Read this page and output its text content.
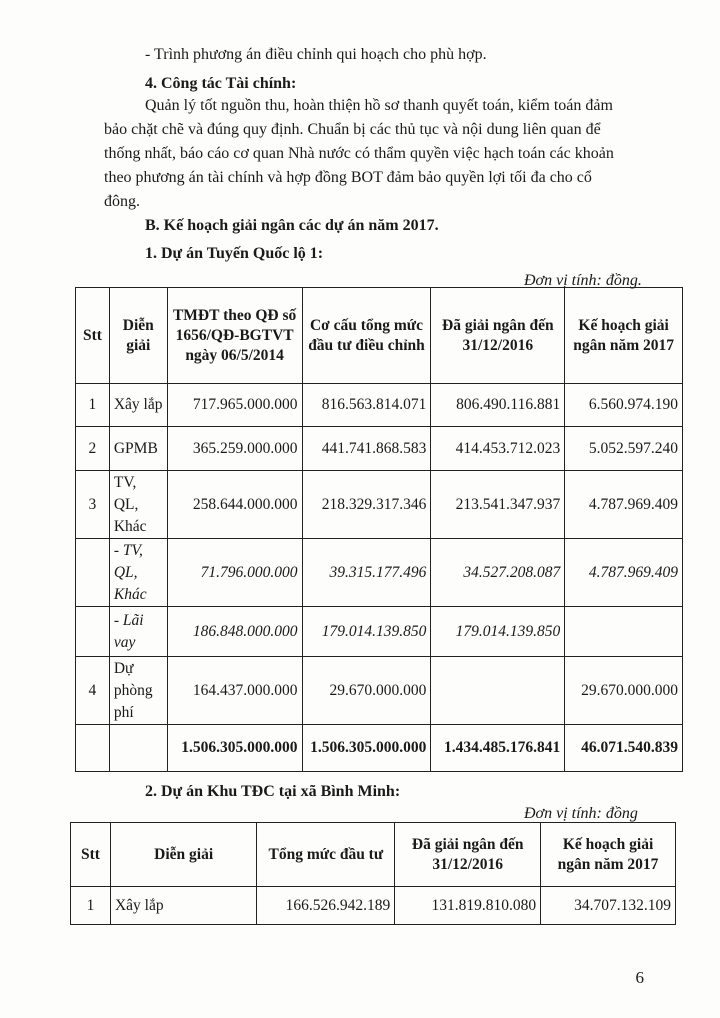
- Trình phương án điều chỉnh qui hoạch cho phù hợp.
4. Công tác Tài chính:
Quản lý tốt nguồn thu, hoàn thiện hồ sơ thanh quyết toán, kiểm toán đảm
bảo chặt chẽ và đúng quy định. Chuẩn bị các thủ tục và nội dung liên quan để
thống nhất, báo cáo cơ quan Nhà nước có thẩm quyền việc hạch toán các khoản
theo phương án tài chính và hợp đồng BOT đảm bảo quyền lợi tối đa cho cổ
đông.
B. Kế hoạch giải ngân các dự án năm 2017.
1. Dự án Tuyến Quốc lộ 1:
Đơn vị tính: đồng.
Stt	Diễn giải	TMĐT theo QĐ số 1656/QĐ-BGTVT ngày 06/5/2014	Cơ cấu tổng mức đầu tư điều chỉnh	Đã giải ngân đến 31/12/2016	Kế hoạch giải ngân năm 2017
1	Xây lắp	717.965.000.000	816.563.814.071	806.490.116.881	6.560.974.190
2	GPMB	365.259.000.000	441.741.868.583	414.453.712.023	5.052.597.240
3	TV, QL, Khác	258.644.000.000	218.329.317.346	213.541.347.937	4.787.969.409
	- TV, QL, Khác	71.796.000.000	39.315.177.496	34.527.208.087	4.787.969.409
	- Lãi vay	186.848.000.000	179.014.139.850	179.014.139.850	
4	Dự phòng phí	164.437.000.000	29.670.000.000		29.670.000.000
		1.506.305.000.000	1.506.305.000.000	1.434.485.176.841	46.071.540.839
2. Dự án Khu TĐC tại xã Bình Minh:
Đơn vị tính: đồng
Stt	Diễn giải	Tổng mức đầu tư	Đã giải ngân đến 31/12/2016	Kế hoạch giải ngân năm 2017
1	Xây lắp	166.526.942.189	131.819.810.080	34.707.132.109
6
